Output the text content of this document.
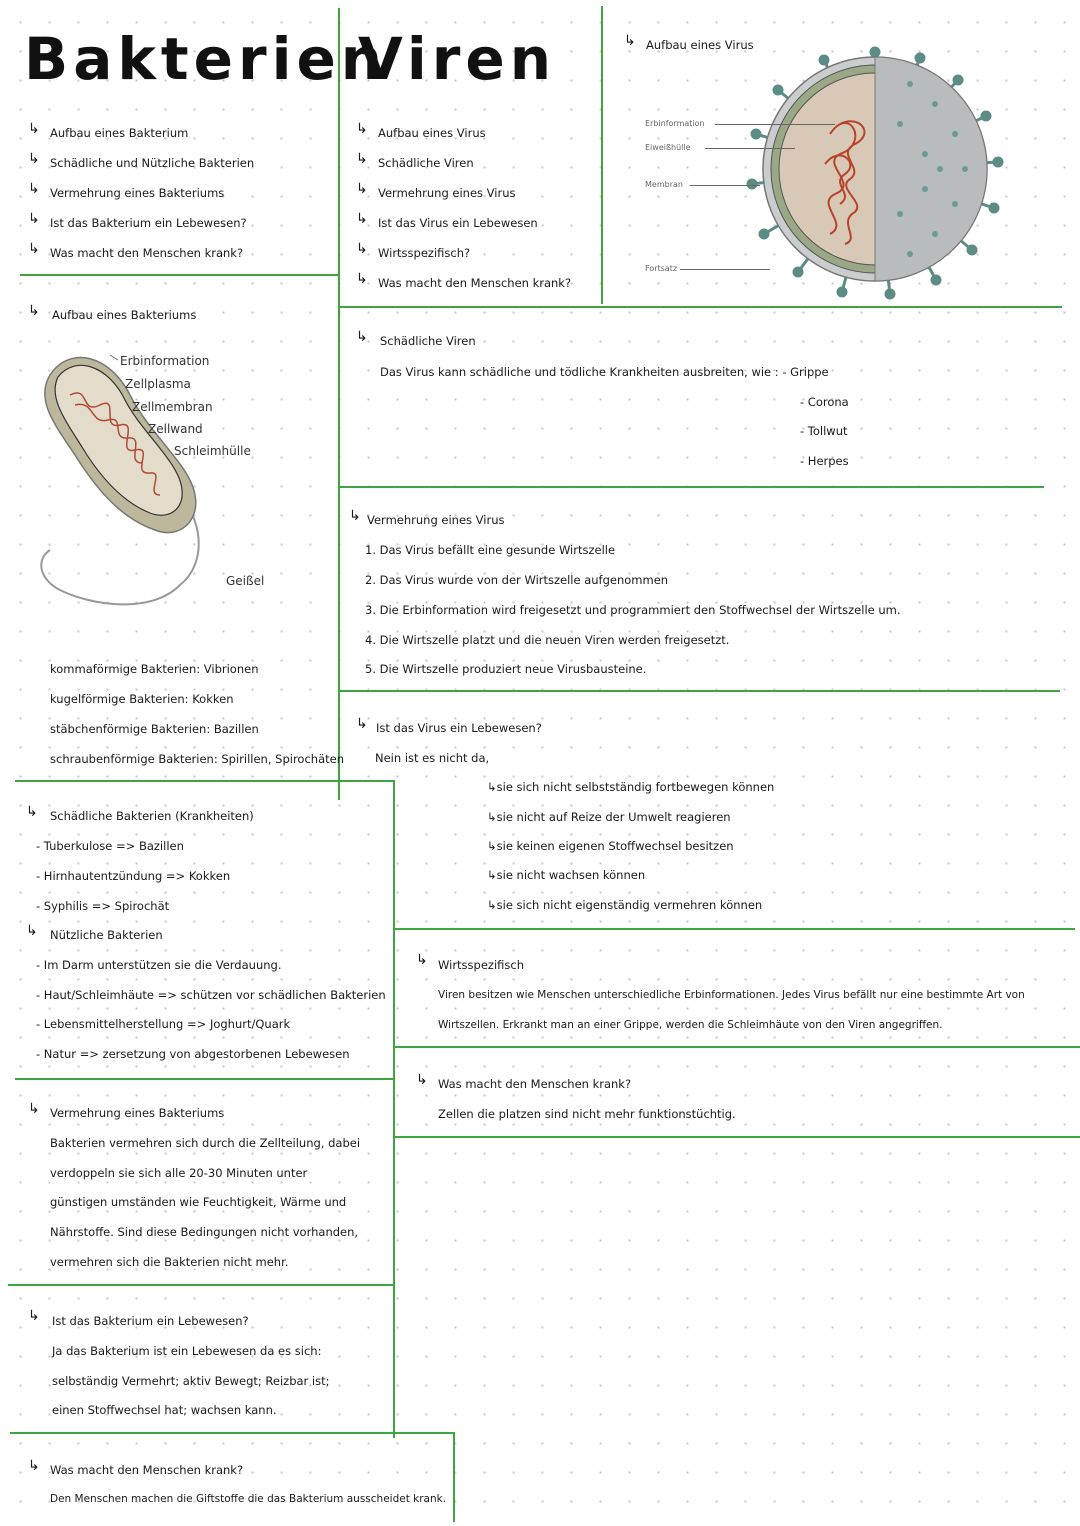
Bakterien
Viren
↳ Aufbau eines Bakterium
↳ Schädliche und Nützliche Bakterien
↳ Vermehrung eines Bakteriums
↳ Ist das Bakterium ein Lebewesen?
↳ Was macht den Menschen krank?
↳ Aufbau eines Virus
↳ Schädliche Viren
↳ Vermehrung eines Virus
↳ Ist das Virus ein Lebewesen
↳ Wirtsspezifisch?
↳ Was macht den Menschen krank?
↳ Aufbau eines Virus
Erbinformation
Eiweißhülle
Membran
Fortsatz
↳ Aufbau eines Bakteriums
Erbinformation
Zellplasma
Zellmembran
Zellwand
Schleimhülle
Geißel
kommaförmige Bakterien: Vibrionen
kugelförmige Bakterien: Kokken
stäbchenförmige Bakterien: Bazillen
schraubenförmige Bakterien: Spirillen, Spirochäten
↳ Schädliche Viren
Das Virus kann schädliche und tödliche Krankheiten ausbreiten, wie : - Grippe
- Corona
- Tollwut
- Herpes
↳ Vermehrung eines Virus
1. Das Virus befällt eine gesunde Wirtszelle
2. Das Virus wurde von der Wirtszelle aufgenommen
3. Die Erbinformation wird freigesetzt und programmiert den Stoffwechsel der Wirtszelle um.
4. Die Wirtszelle platzt und die neuen Viren werden freigesetzt.
5. Die Wirtszelle produziert neue Virusbausteine.
↳ Ist das Virus ein Lebewesen?
Nein ist es nicht da,
↳sie sich nicht selbstständig fortbewegen können
↳sie nicht auf Reize der Umwelt reagieren
↳sie keinen eigenen Stoffwechsel besitzen
↳sie nicht wachsen können
↳sie sich nicht eigenständig vermehren können
↳ Schädliche Bakterien (Krankheiten)
- Tuberkulose => Bazillen
- Hirnhautentzündung => Kokken
- Syphilis => Spirochät
↳ Nützliche Bakterien
- Im Darm unterstützen sie die Verdauung.
- Haut/Schleimhäute => schützen vor schädlichen Bakterien
- Lebensmittelherstellung => Joghurt/Quark
- Natur => zersetzung von abgestorbenen Lebewesen
↳ Wirtsspezifisch
Viren besitzen wie Menschen unterschiedliche Erbinformationen. Jedes Virus befällt nur eine bestimmte Art von
Wirtszellen. Erkrankt man an einer Grippe, werden die Schleimhäute von den Viren angegriffen.
↳ Was macht den Menschen krank?
Zellen die platzen sind nicht mehr funktionstüchtig.
↳ Vermehrung eines Bakteriums
Bakterien vermehren sich durch die Zellteilung, dabei
verdoppeln sie sich alle 20-30 Minuten unter
günstigen umständen wie Feuchtigkeit, Wärme und
Nährstoffe. Sind diese Bedingungen nicht vorhanden,
vermehren sich die Bakterien nicht mehr.
↳ Ist das Bakterium ein Lebewesen?
Ja das Bakterium ist ein Lebewesen da es sich:
selbständig Vermehrt; aktiv Bewegt; Reizbar ist;
einen Stoffwechsel hat; wachsen kann.
↳ Was macht den Menschen krank?
Den Menschen machen die Giftstoffe die das Bakterium ausscheidet krank.
